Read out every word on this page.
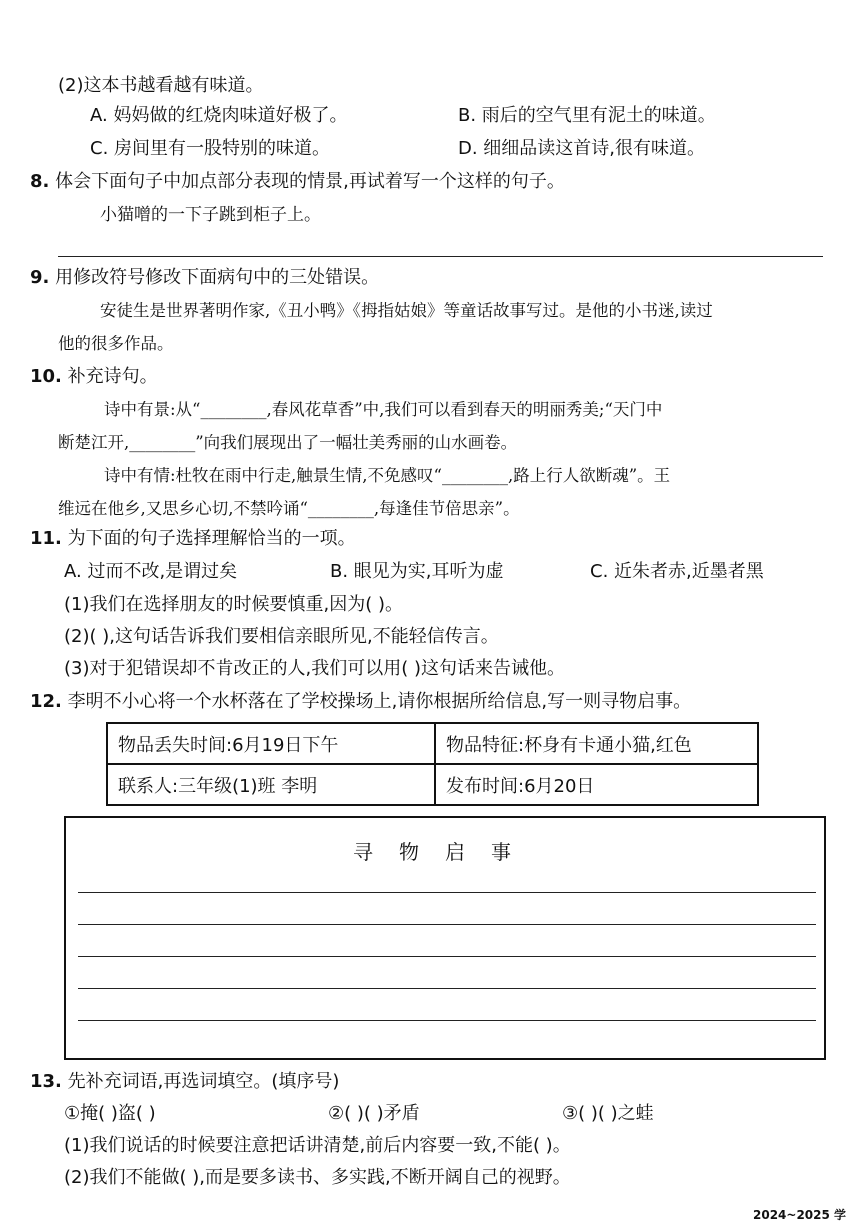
(2)这本书越看越有味道。
A. 妈妈做的红烧肉味道好极了。	B. 雨后的空气里有泥土的味道。
C. 房间里有一股特别的味道。	D. 细细品读这首诗,很有味道。
8. 体会下面句子中加点部分表现的情景,再试着写一个这样的句子。
小猫噌的一下子跳到柜子上。
9. 用修改符号修改下面病句中的三处错误。
安徒生是世界著明作家,《丑小鸭》《拇指姑娘》等童话故事写过。是他的小书迷,读过
他的很多作品。
10. 补充诗句。
诗中有景:从“________,春风花草香”中,我们可以看到春天的明丽秀美;“天门中
断楚江开,________”向我们展现出了一幅壮美秀丽的山水画卷。
诗中有情:杜牧在雨中行走,触景生情,不免感叹“________,路上行人欲断魂”。王
维远在他乡,又思乡心切,不禁吟诵“________,每逢佳节倍思亲”。
11. 为下面的句子选择理解恰当的一项。
A. 过而不改,是谓过矣	B. 眼见为实,耳听为虚	C. 近朱者赤,近墨者黑
(1)我们在选择朋友的时候要慎重,因为( )。
(2)( ),这句话告诉我们要相信亲眼所见,不能轻信传言。
(3)对于犯错误却不肯改正的人,我们可以用( )这句话来告诫他。
12. 李明不小心将一个水杯落在了学校操场上,请你根据所给信息,写一则寻物启事。
物品丢失时间:6月19日下午	物品特征:杯身有卡通小猫,红色
联系人:三年级(1)班 李明	发布时间:6月20日
寻物启事
13. 先补充词语,再选词填空。(填序号)
①掩( )盗( )	②( )( )矛盾	③( )( )之蛙
(1)我们说话的时候要注意把话讲清楚,前后内容要一致,不能( )。
(2)我们不能做( ),而是要多读书、多实践,不断开阔自己的视野。
2024~2025 学
